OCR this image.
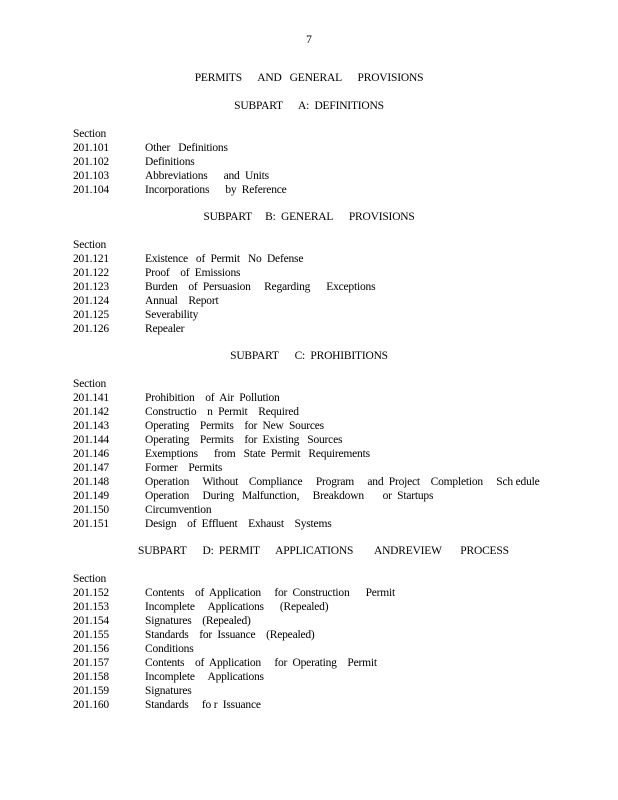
7
PERMITS      AND   GENERAL      PROVISIONS
SUBPART      A:  DEFINITIONS
Section
201.101	Other   Definitions
201.102	Definitions
201.103	Abbreviations      and  Units
201.104	Incorporations      by  Reference
SUBPART     B:  GENERAL      PROVISIONS
Section
201.121	Existence   of  Permit   No  Defense
201.122	Proof    of  Emissions
201.123	Burden    of  Persuasion     Regarding      Exceptions
201.124	Annual    Report
201.125	Severability
201.126	Repealer
SUBPART      C:  PROHIBITIONS
Section
201.141	Prohibition    of  Air  Pollution
201.142	Constructio    n  Permit    Required
201.143	Operating    Permits    for  New  Sources
201.144	Operating    Permits    for  Existing   Sources
201.146	Exemptions      from   State  Permit   Requirements
201.147	Former    Permits
201.148	Operation     Without    Compliance     Program     and  Project    Completion     Sch edule
201.149	Operation     During   Malfunction,     Breakdown       or  Startups
201.150	Circumvention
201.151	Design    of  Effluent    Exhaust    Systems
SUBPART      D:  PERMIT      APPLICATIONS        ANDREVIEW       PROCESS
Section
201.152	Contents    of  Application     for  Construction      Permit
201.153	Incomplete     Applications      (Repealed)
201.154	Signatures    (Repealed)
201.155	Standards    for  Issuance    (Repealed)
201.156	Conditions
201.157	Contents    of  Application     for  Operating    Permit
201.158	Incomplete     Applications
201.159	Signatures
201.160	Standards     fo r  Issuance
